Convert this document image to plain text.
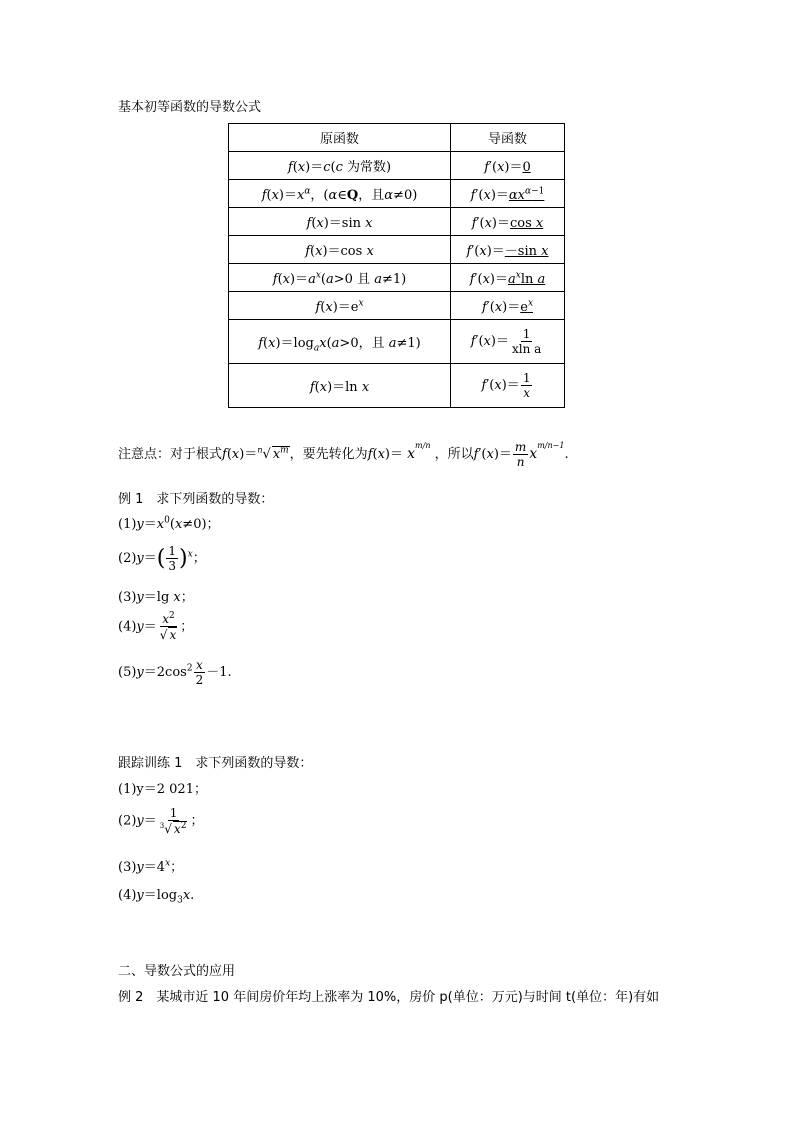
基本初等函数的导数公式
原函数	导函数
f(x)＝c(c 为常数)	f′(x)＝0
$f(x)=x^\alpha$，(α∈Q，且α≠0)	$f'(x)=\alpha x^{\alpha-1}$
f(x)＝sin x	f′(x)＝cos x
f(x)＝cos x	f′(x)＝－sin x
$f(x)=a^x(a>0$ 且 a≠1)	$f'(x)=a^x\ln$ a
$f(x)=e^x$	$f'(x)=e^x$
$f(x)=\log_ax(a>0$，且 a≠1)	$f'(x)= \frac{1}{\text{xln a}}$

f(x)＝ln x	$f'(x)= \frac{1}{x}$
注意点：对于根式f(x)＝$^n$√ $x^m$，要先转化为$f(x)= x^{m/n}$ ，所以$f'(x)= \frac{m}{n} x^{m/n-1}$.
例 1　求下列函数的导数：
$(1)y=x^0(x\ne 0)$；
$(2)y=( \frac{1}{3} )^x$；
(3)y＝lg x；
$(4)y= \frac{x^2}{√ x}$ ；
$(5)y=2\cos^2 \frac{x}{2} -1$.
跟踪训练 1　求下列函数的导数：
(1)y＝2 021；
$(2)y= \frac{1}{^3√ x^2}$ ；
$(3)y=4^x$；
$(4)y=\log_3x$.
二、导数公式的应用
例 2　某城市近 10 年间房价年均上涨率为 10%，房价 p(单位：万元)与时间 t(单位：年)有如
